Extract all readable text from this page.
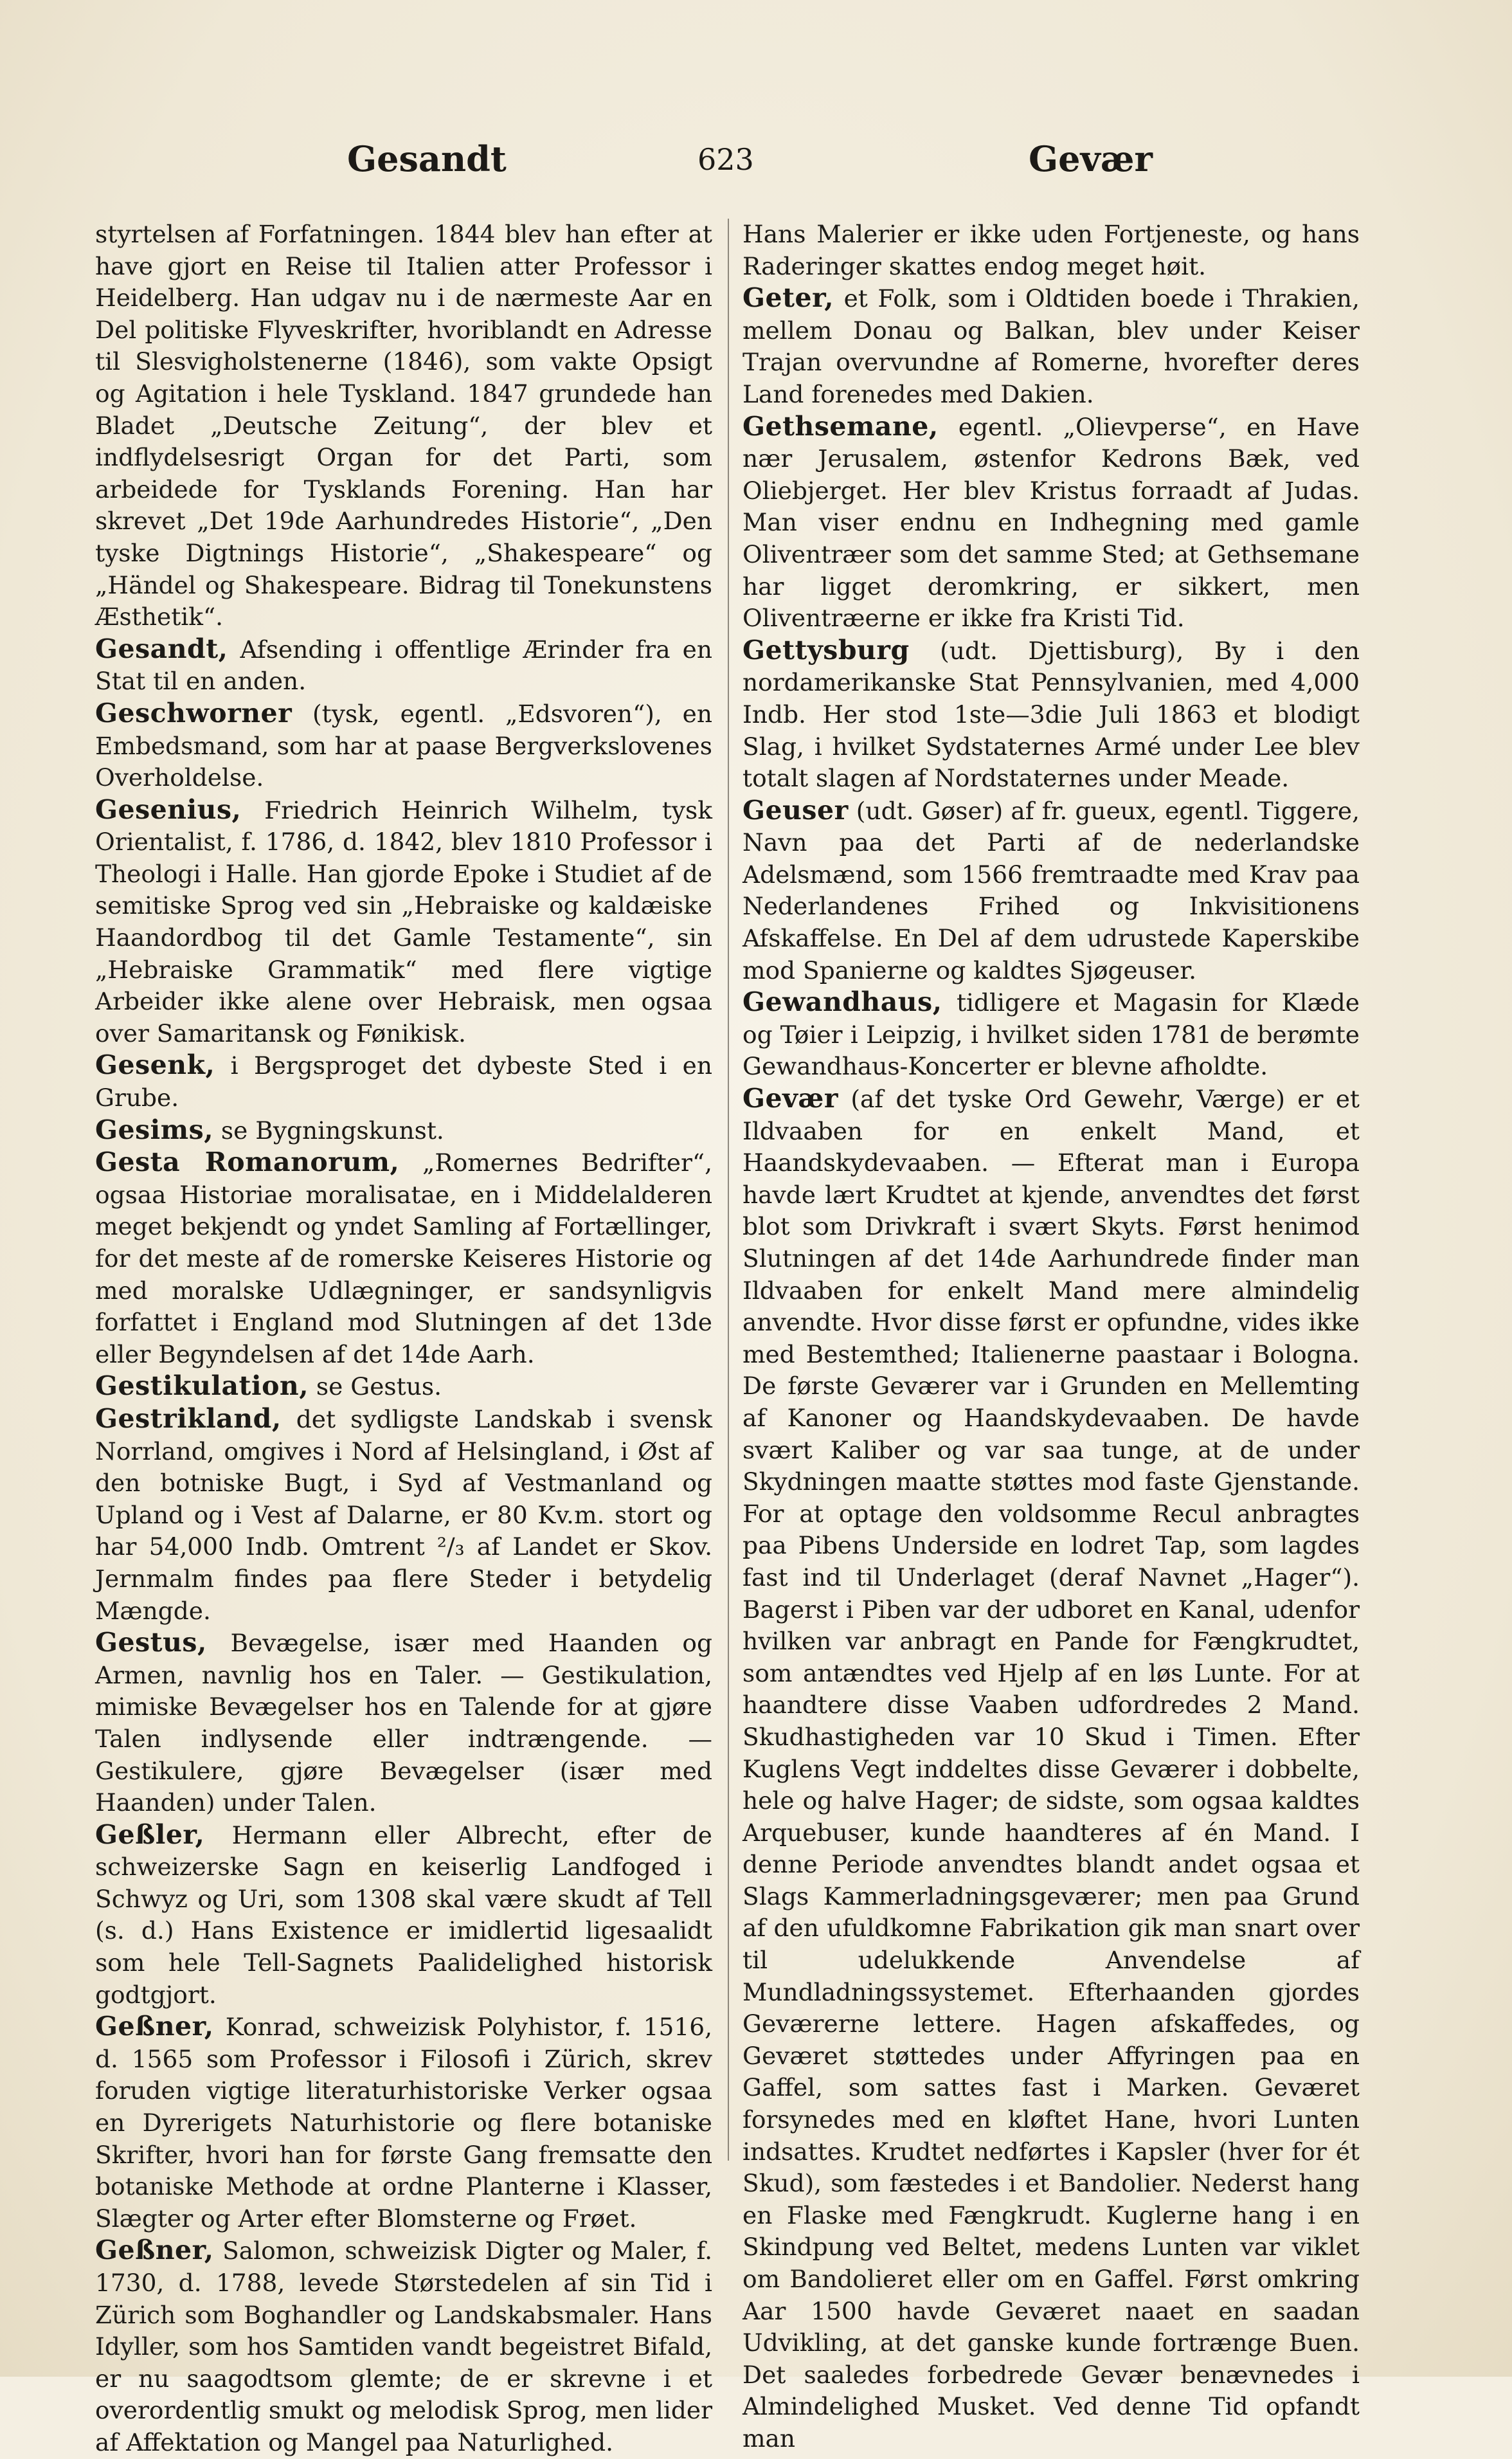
Gesandt	623	Gevær

styrtelsen af Forfatningen. 1844 blev han efter at have gjort en Reise til Italien atter Professor i Heidelberg. Han udgav nu i de nærmeste Aar en Del politiske Flyveskrifter, hvoriblandt en Adresse til Slesvigholstenerne (1846), som vakte Opsigt og Agitation i hele Tyskland. 1847 grundede han Bladet „Deutsche Zeitung“, der blev et indflydelsesrigt Organ for det Parti, som arbeidede for Tysklands Forening. Han har skrevet „Det 19de Aarhundredes Historie“, „Den tyske Digtnings Historie“, „Shakespeare“ og „Händel og Shakespeare. Bidrag til Tonekunstens Æsthetik“.

Gesandt, Afsending i offentlige Ærinder fra en Stat til en anden.

Geschworner (tysk, egentl. „Edsvoren“), en Embedsmand, som har at paase Bergverkslovenes Overholdelse.

Gesenius, Friedrich Heinrich Wilhelm, tysk Orientalist, f. 1786, d. 1842, blev 1810 Professor i Theologi i Halle. Han gjorde Epoke i Studiet af de semitiske Sprog ved sin „Hebraiske og kaldæiske Haandordbog til det Gamle Testamente“, sin „Hebraiske Grammatik“ med flere vigtige Arbeider ikke alene over Hebraisk, men ogsaa over Samaritansk og Fønikisk.

Gesenk, i Bergsproget det dybeste Sted i en Grube.

Gesims, se Bygningskunst.

Gesta Romanorum, „Romernes Bedrifter“, ogsaa Historiae moralisatae, en i Middelalderen meget bekjendt og yndet Samling af Fortællinger, for det meste af de romerske Keiseres Historie og med moralske Udlægninger, er sandsynligvis forfattet i England mod Slutningen af det 13de eller Begyndelsen af det 14de Aarh.

Gestikulation, se Gestus.

Gestrikland, det sydligste Landskab i svensk Norrland, omgives i Nord af Helsingland, i Øst af den botniske Bugt, i Syd af Vestmanland og Upland og i Vest af Dalarne, er 80 Kv.m. stort og har 54,000 Indb. Omtrent ²/₃ af Landet er Skov. Jernmalm findes paa flere Steder i betydelig Mængde.

Gestus, Bevægelse, især med Haanden og Armen, navnlig hos en Taler. — Gestikulation, mimiske Bevægelser hos en Talende for at gjøre Talen indlysende eller indtrængende. — Gestikulere, gjøre Bevægelser (især med Haanden) under Talen.

Geßler, Hermann eller Albrecht, efter de schweizerske Sagn en keiserlig Landfoged i Schwyz og Uri, som 1308 skal være skudt af Tell (s. d.) Hans Existence er imidlertid ligesaalidt som hele Tell-Sagnets Paalidelighed historisk godtgjort.

Geßner, Konrad, schweizisk Polyhistor, f. 1516, d. 1565 som Professor i Filosofi i Zürich, skrev foruden vigtige literaturhistoriske Verker ogsaa en Dyrerigets Naturhistorie og flere botaniske Skrifter, hvori han for første Gang fremsatte den botaniske Methode at ordne Planterne i Klasser, Slægter og Arter efter Blomsterne og Frøet.

Geßner, Salomon, schweizisk Digter og Maler, f. 1730, d. 1788, levede Størstedelen af sin Tid i Zürich som Boghandler og Landskabsmaler. Hans Idyller, som hos Samtiden vandt begeistret Bifald, er nu saagodtsom glemte; de er skrevne i et overordentlig smukt og melodisk Sprog, men lider af Affektation og Mangel paa Naturlighed.

Hans Malerier er ikke uden Fortjeneste, og hans Raderinger skattes endog meget høit.

Geter, et Folk, som i Oldtiden boede i Thrakien, mellem Donau og Balkan, blev under Keiser Trajan overvundne af Romerne, hvorefter deres Land forenedes med Dakien.

Gethsemane, egentl. „Olievperse“, en Have nær Jerusalem, østenfor Kedrons Bæk, ved Oliebjerget. Her blev Kristus forraadt af Judas. Man viser endnu en Indhegning med gamle Oliventræer som det samme Sted; at Gethsemane har ligget deromkring, er sikkert, men Oliventræerne er ikke fra Kristi Tid.

Gettysburg (udt. Djettisburg), By i den nordamerikanske Stat Pennsylvanien, med 4,000 Indb. Her stod 1ste—3die Juli 1863 et blodigt Slag, i hvilket Sydstaternes Armé under Lee blev totalt slagen af Nordstaternes under Meade.

Geuser (udt. Gøser) af fr. gueux, egentl. Tiggere, Navn paa det Parti af de nederlandske Adelsmænd, som 1566 fremtraadte med Krav paa Nederlandenes Frihed og Inkvisitionens Afskaffelse. En Del af dem udrustede Kaperskibe mod Spanierne og kaldtes Sjøgeuser.

Gewandhaus, tidligere et Magasin for Klæde og Tøier i Leipzig, i hvilket siden 1781 de berømte Gewandhaus-Koncerter er blevne afholdte.

Gevær (af det tyske Ord Gewehr, Værge) er et Ildvaaben for en enkelt Mand, et Haandskydevaaben. — Efterat man i Europa havde lært Krudtet at kjende, anvendtes det først blot som Drivkraft i svært Skyts. Først henimod Slutningen af det 14de Aarhundrede finder man Ildvaaben for enkelt Mand mere almindelig anvendte. Hvor disse først er opfundne, vides ikke med Bestemthed; Italienerne paastaar i Bologna. De første Geværer var i Grunden en Mellemting af Kanoner og Haandskydevaaben. De havde svært Kaliber og var saa tunge, at de under Skydningen maatte støttes mod faste Gjenstande. For at optage den voldsomme Recul anbragtes paa Pibens Underside en lodret Tap, som lagdes fast ind til Underlaget (deraf Navnet „Hager“). Bagerst i Piben var der udboret en Kanal, udenfor hvilken var anbragt en Pande for Fængkrudtet, som antændtes ved Hjelp af en løs Lunte. For at haandtere disse Vaaben udfordredes 2 Mand. Skudhastigheden var 10 Skud i Timen. Efter Kuglens Vegt inddeltes disse Geværer i dobbelte, hele og halve Hager; de sidste, som ogsaa kaldtes Arquebuser, kunde haandteres af én Mand. I denne Periode anvendtes blandt andet ogsaa et Slags Kammerladningsgeværer; men paa Grund af den ufuldkomne Fabrikation gik man snart over til udelukkende Anvendelse af Mundladningssystemet. Efterhaanden gjordes Geværerne lettere. Hagen afskaffedes, og Geværet støttedes under Affyringen paa en Gaffel, som sattes fast i Marken. Geværet forsynedes med en kløftet Hane, hvori Lunten indsattes. Krudtet nedførtes i Kapsler (hver for ét Skud), som fæstedes i et Bandolier. Nederst hang en Flaske med Fængkrudt. Kuglerne hang i en Skindpung ved Beltet, medens Lunten var viklet om Bandolieret eller om en Gaffel. Først omkring Aar 1500 havde Geværet naaet en saadan Udvikling, at det ganske kunde fortrænge Buen. Det saaledes forbedrede Gevær benævnedes i Almindelighed Musket. Ved denne Tid opfandt man
